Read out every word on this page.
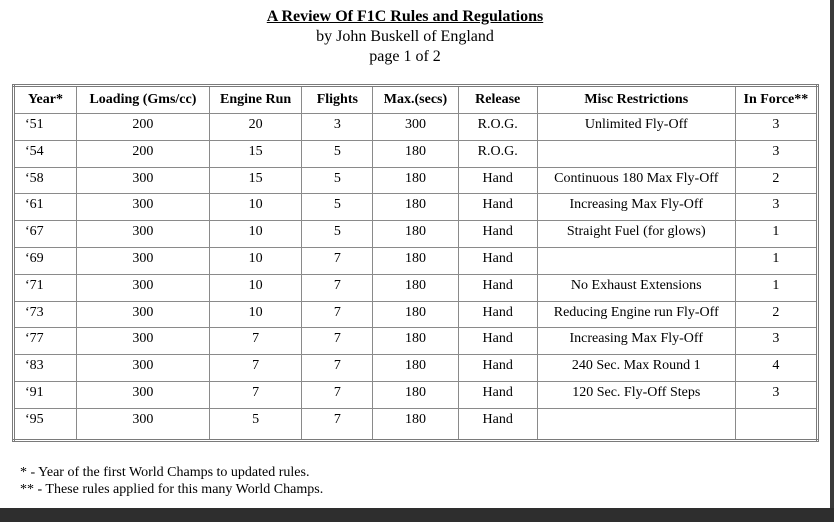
A Review Of F1C Rules and Regulations
by John Buskell of England
page 1 of 2
Year*	Loading (Gms/cc)	Engine Run	Flights	Max.(secs)	Release	Misc Restrictions	In Force**
‘51	200	20	3	300	R.O.G.	Unlimited Fly-Off	3
‘54	200	15	5	180	R.O.G.		3
‘58	300	15	5	180	Hand	Continuous 180 Max Fly-Off	2
‘61	300	10	5	180	Hand	Increasing Max Fly-Off	3
‘67	300	10	5	180	Hand	Straight Fuel (for glows)	1
‘69	300	10	7	180	Hand		1
‘71	300	10	7	180	Hand	No Exhaust Extensions	1
‘73	300	10	7	180	Hand	Reducing Engine run Fly-Off	2
‘77	300	7	7	180	Hand	Increasing Max Fly-Off	3
‘83	300	7	7	180	Hand	240 Sec. Max Round 1	4
‘91	300	7	7	180	Hand	120 Sec. Fly-Off Steps	3
‘95	300	5	7	180	Hand		
* - Year of the first World Champs to updated rules.
** - These rules applied for this many World Champs.
